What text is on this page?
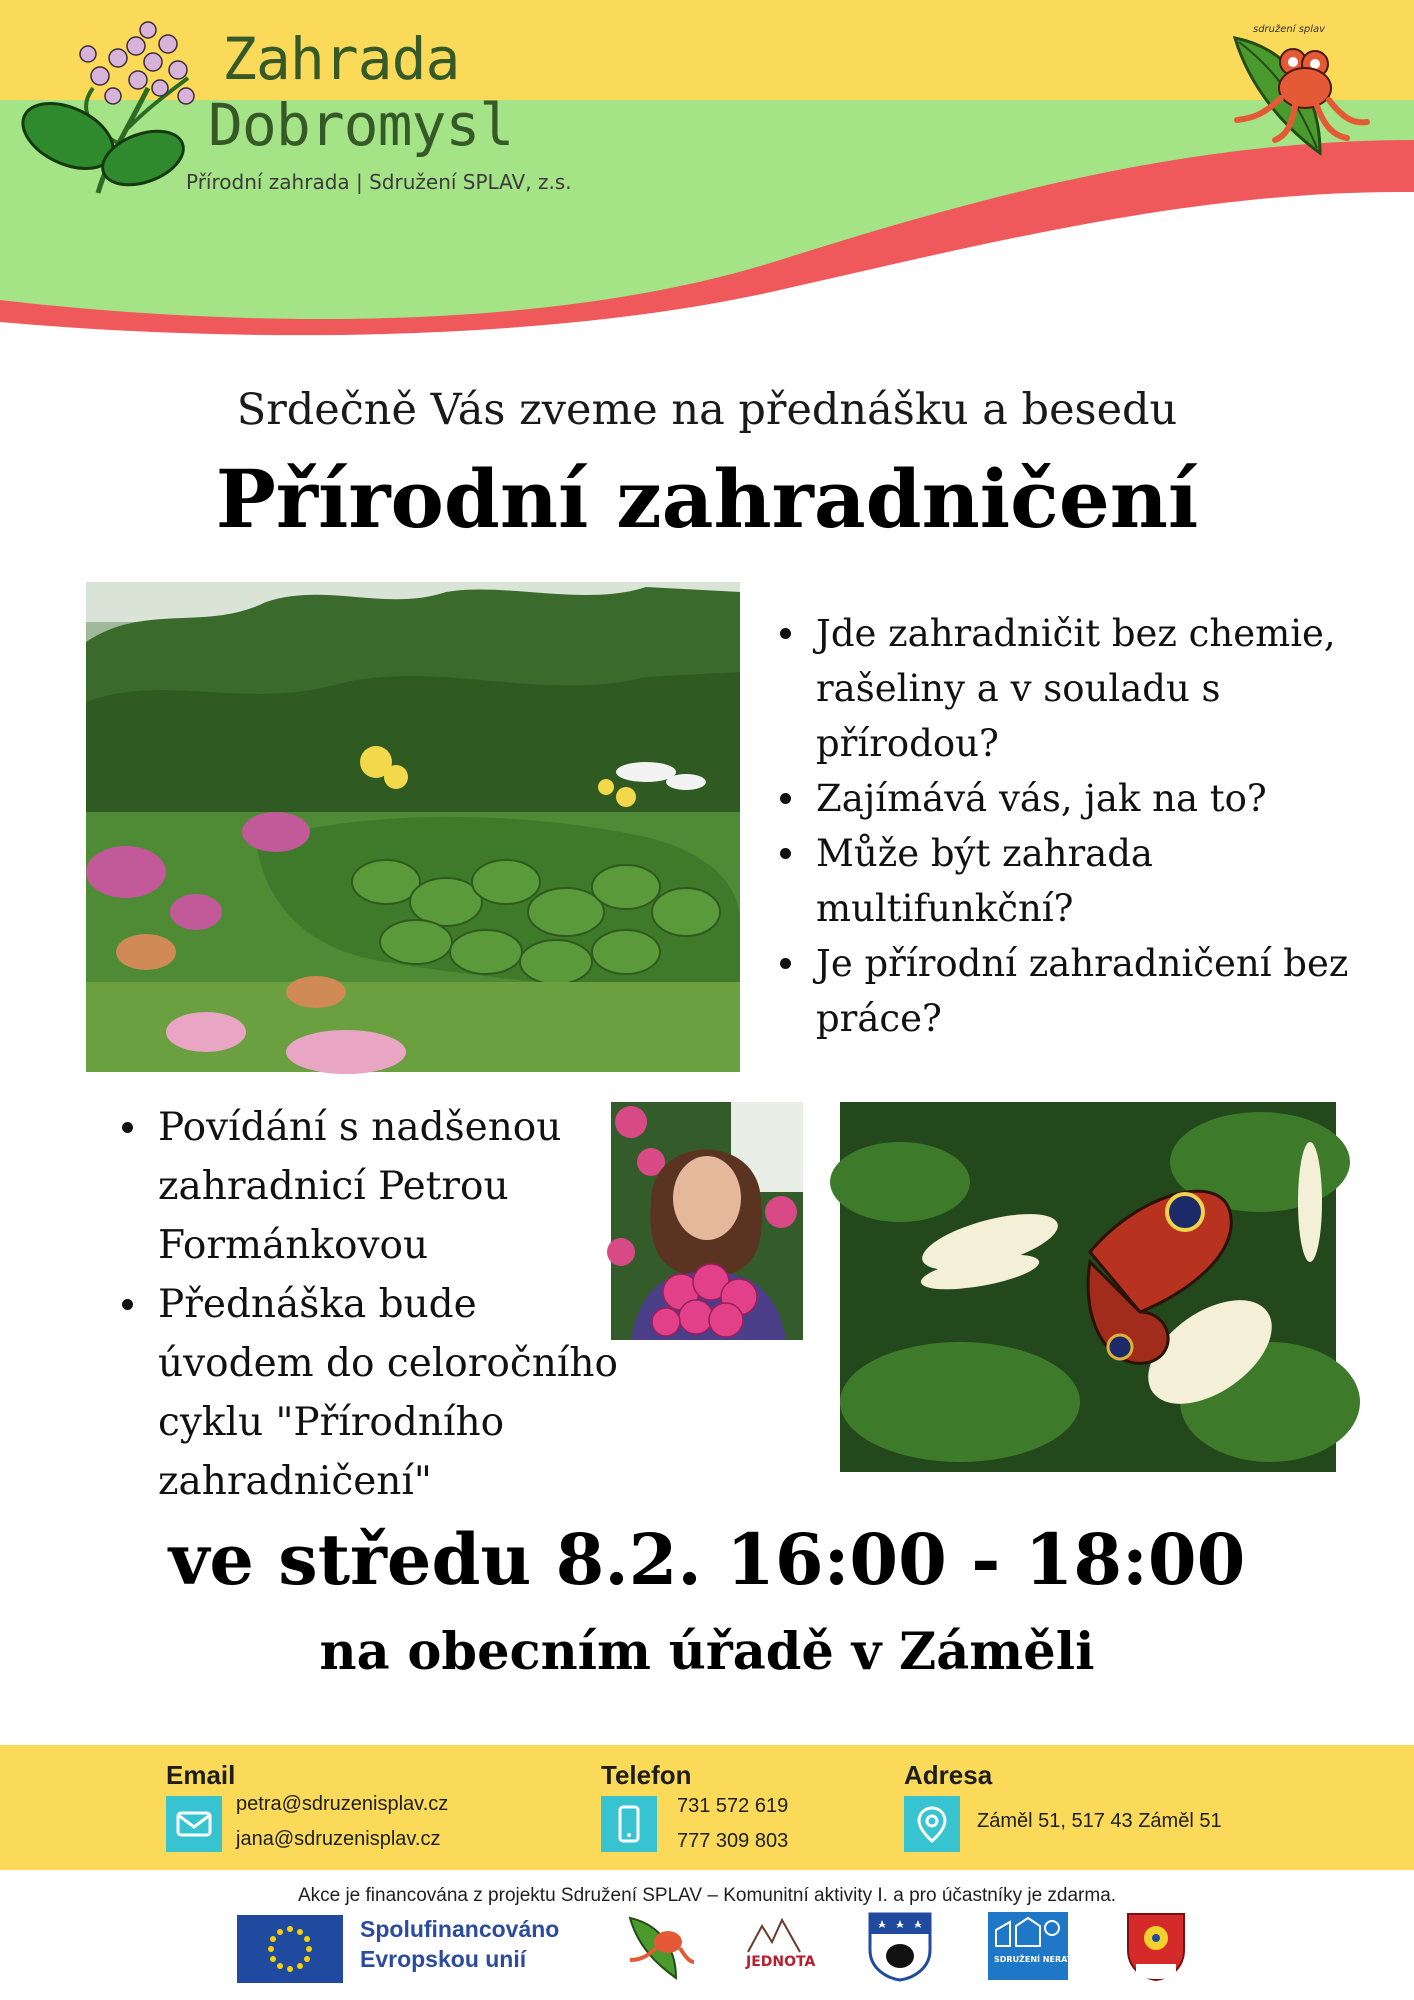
Zahrada
Dobromysl
Přírodní zahrada | Sdružení SPLAV, z.s.
sdružení splav
Srdečně Vás zveme na přednášku a besedu
Přírodní zahradničení
Jde zahradničit bez chemie, rašeliny a v souladu s přírodou?
Zajímává vás, jak na to?
Může být zahrada multifunkční?
Je přírodní zahradničení bez práce?
Povídání s nadšenou zahradnicí Petrou Formánkovou
Přednáška bude úvodem do celoročního cyklu "Přírodního zahradničení"
ve středu 8.2. 16:00 - 18:00
na obecním úřadě v Záměli
Email
petra@sdruzenisplav.cz
jana@sdruzenisplav.cz
Telefon
731 572 619
777 309 803
Adresa
Záměl 51, 517 43 Záměl 51
Akce je financována z projektu Sdružení SPLAV – Komunitní aktivity I. a pro účastníky je zdarma.
Spolufinancováno
Evropskou unií	JEDNOTA	SDRUŽENÍ NERATOV
